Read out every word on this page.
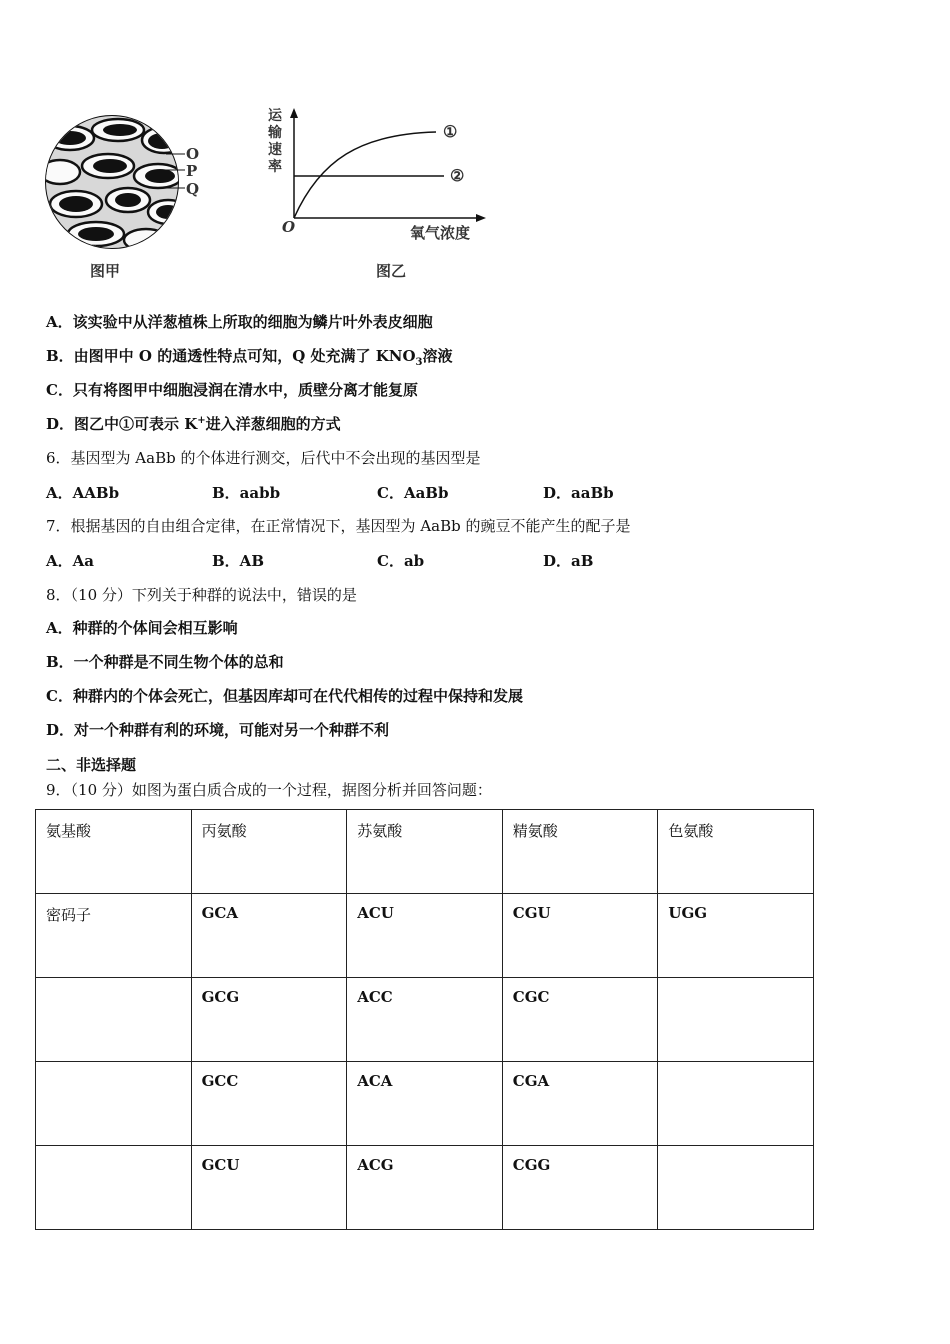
O
P
Q
图甲
运
输
速
率
①
②
O	氧气浓度
图乙
A．该实验中从洋葱植株上所取的细胞为鳞片叶外表皮细胞
B．由图甲中 O 的通透性特点可知，Q 处充满了 $KNO_3$溶液
C．只有将图甲中细胞浸润在清水中，质壁分离才能复原
D．图乙中①可表示 K+进入洋葱细胞的方式
6．基因型为 AaBb 的个体进行测交，后代中不会出现的基因型是
A．AABb	B．aabb	C．AaBb	D．aaBb
7．根据基因的自由组合定律，在正常情况下，基因型为 AaBb 的豌豆不能产生的配子是
A．Aa	B．AB	C．ab	D．aB
8．（10 分）下列关于种群的说法中，错误的是
A．种群的个体间会相互影响
B．一个种群是不同生物个体的总和
C．种群内的个体会死亡，但基因库却可在代代相传的过程中保持和发展
D．对一个种群有利的环境，可能对另一个种群不利
二、非选择题
9．（10 分）如图为蛋白质合成的一个过程，据图分析并回答问题：
氨基酸	丙氨酸	苏氨酸	精氨酸	色氨酸
密码子	GCA	ACU	CGU	UGG
	GCG	ACC	CGC	
	GCC	ACA	CGA	
	GCU	ACG	CGG	
